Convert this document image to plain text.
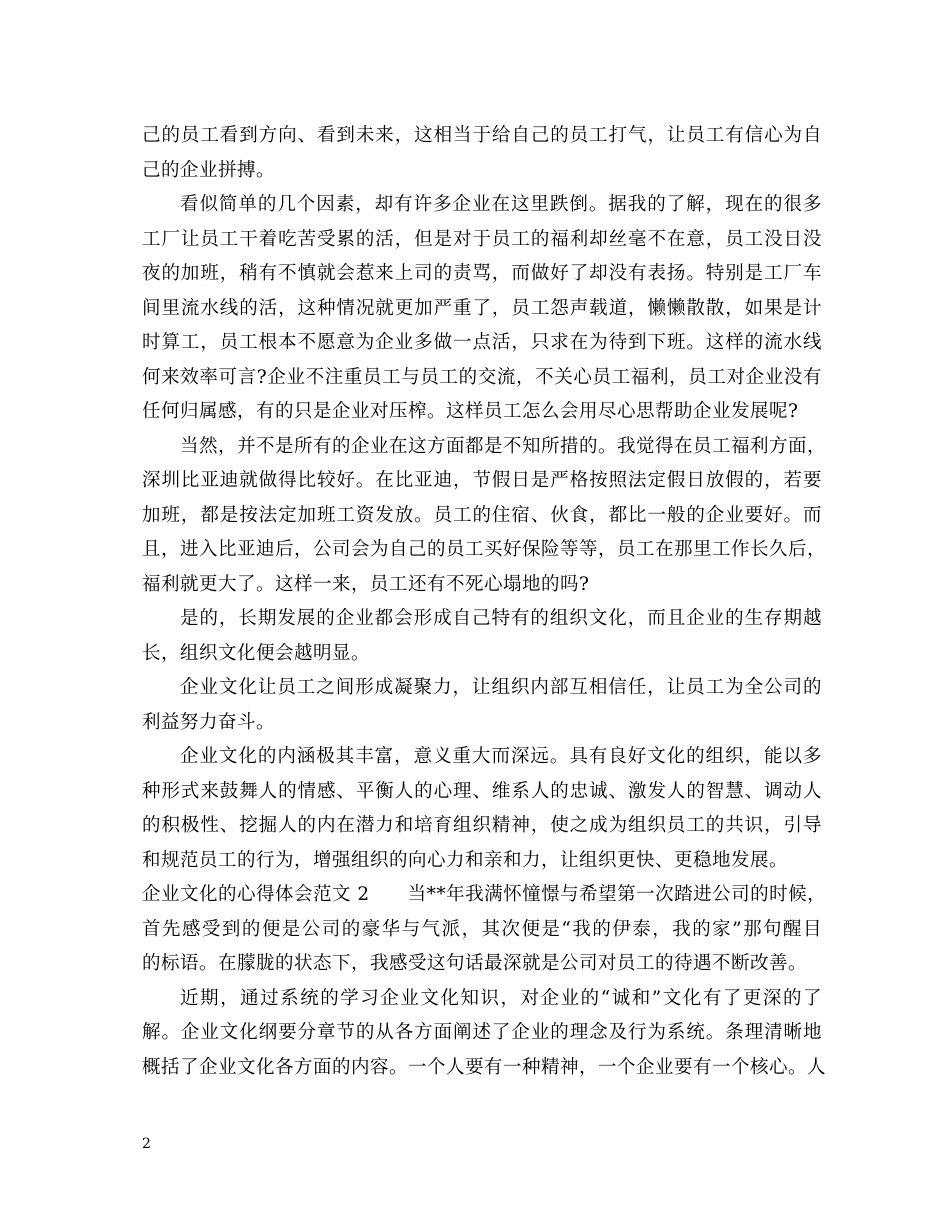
己的员工看到方向、看到未来，这相当于给自己的员工打气，让员工有信心为自
己的企业拼搏。
看似简单的几个因素，却有许多企业在这里跌倒。据我的了解，现在的很多
工厂让员工干着吃苦受累的活，但是对于员工的福利却丝毫不在意，员工没日没
夜的加班，稍有不慎就会惹来上司的责骂，而做好了却没有表扬。特别是工厂车
间里流水线的活，这种情况就更加严重了，员工怨声载道，懒懒散散，如果是计
时算工，员工根本不愿意为企业多做一点活，只求在为待到下班。这样的流水线
何来效率可言?企业不注重员工与员工的交流，不关心员工福利，员工对企业没有
任何归属感，有的只是企业对压榨。这样员工怎么会用尽心思帮助企业发展呢?
当然，并不是所有的企业在这方面都是不知所措的。我觉得在员工福利方面，
深圳比亚迪就做得比较好。在比亚迪，节假日是严格按照法定假日放假的，若要
加班，都是按法定加班工资发放。员工的住宿、伙食，都比一般的企业要好。而
且，进入比亚迪后，公司会为自己的员工买好保险等等，员工在那里工作长久后，
福利就更大了。这样一来，员工还有不死心塌地的吗?
是的，长期发展的企业都会形成自己特有的组织文化，而且企业的生存期越
长，组织文化便会越明显。
企业文化让员工之间形成凝聚力，让组织内部互相信任，让员工为全公司的
利益努力奋斗。
企业文化的内涵极其丰富，意义重大而深远。具有良好文化的组织，能以多
种形式来鼓舞人的情感、平衡人的心理、维系人的忠诚、激发人的智慧、调动人
的积极性、挖掘人的内在潜力和培育组织精神，使之成为组织员工的共识，引导
和规范员工的行为，增强组织的向心力和亲和力，让组织更快、更稳地发展。
企业文化的心得体会范文 2　　当**年我满怀憧憬与希望第一次踏进公司的时候，
首先感受到的便是公司的豪华与气派，其次便是“我的伊泰，我的家”那句醒目
的标语。在朦胧的状态下，我感受这句话最深就是公司对员工的待遇不断改善。
近期，通过系统的学习企业文化知识，对企业的“诚和”文化有了更深的了
解。企业文化纲要分章节的从各方面阐述了企业的理念及行为系统。条理清晰地
概括了企业文化各方面的内容。一个人要有一种精神，一个企业要有一个核心。人
2
